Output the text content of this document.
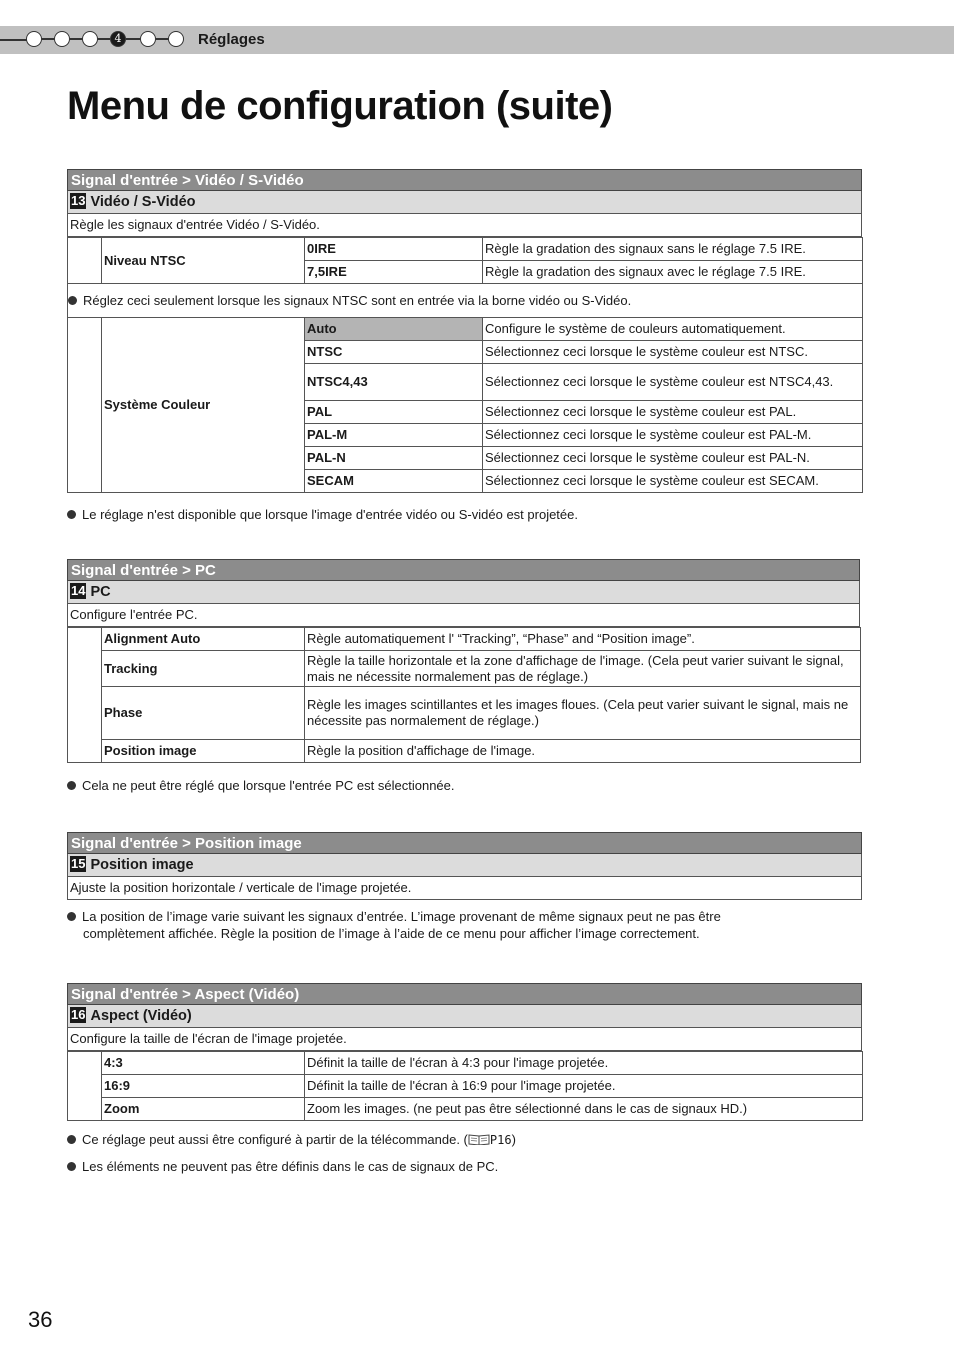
4	Réglages
Menu de configuration (suite)
Signal d'entrée > Vidéo / S-Vidéo
13 Vidéo / S-Vidéo
Règle les signaux d'entrée Vidéo / S-Vidéo.
	Niveau NTSC	0IRE	Règle la gradation des signaux sans le réglage 7.5 IRE.
		7,5IRE	Règle la gradation des signaux avec le réglage 7.5 IRE.
Réglez ceci seulement lorsque les signaux NTSC sont en entrée via la borne vidéo ou S-Vidéo.			
	Système Couleur	Auto	Configure le système de couleurs automatiquement.
		NTSC	Sélectionnez ceci lorsque le système couleur est NTSC.
		NTSC4,43	Sélectionnez ceci lorsque le système couleur est NTSC4,43.
		PAL	Sélectionnez ceci lorsque le système couleur est PAL.
		PAL-M	Sélectionnez ceci lorsque le système couleur est PAL-M.
		PAL-N	Sélectionnez ceci lorsque le système couleur est PAL-N.
		SECAM	Sélectionnez ceci lorsque le système couleur est SECAM.
Le réglage n'est disponible que lorsque l'image d'entrée vidéo ou S-vidéo est projetée.
Signal d'entrée > PC
14 PC
Configure l'entrée PC.
	Alignment Auto	Règle automatiquement l' “Tracking”, “Phase” and “Position image”.
	Tracking	Règle la taille horizontale et la zone d'affichage de l'image. (Cela peut varier suivant le signal, mais ne nécessite normalement pas de réglage.)
	Phase	Règle les images scintillantes et les images floues. (Cela peut varier suivant le signal, mais ne nécessite pas normalement de réglage.)
	Position image	Règle la position d'affichage de l'image.
Cela ne peut être réglé que lorsque l'entrée PC est sélectionnée.
Signal d'entrée > Position image
15 Position image
Ajuste la position horizontale / verticale de l'image projetée.
La position de l’image varie suivant les signaux d’entrée. L’image provenant de même signaux peut ne pas être
complètement affichée. Règle la position de l’image à l’aide de ce menu pour afficher l’image correctement.
Signal d'entrée > Aspect (Vidéo)
16 Aspect (Vidéo)
Configure la taille de l'écran de l'image projetée.
	4:3	Définit la taille de l'écran à 4:3 pour l'image projetée.
	16:9	Définit la taille de l'écran à 16:9 pour l'image projetée.
	Zoom	Zoom les images. (ne peut pas être sélectionné dans le cas de signaux HD.)
Ce réglage peut aussi être configuré à partir de la télécommande. ( P16)
Les éléments ne peuvent pas être définis dans le cas de signaux de PC.
36
